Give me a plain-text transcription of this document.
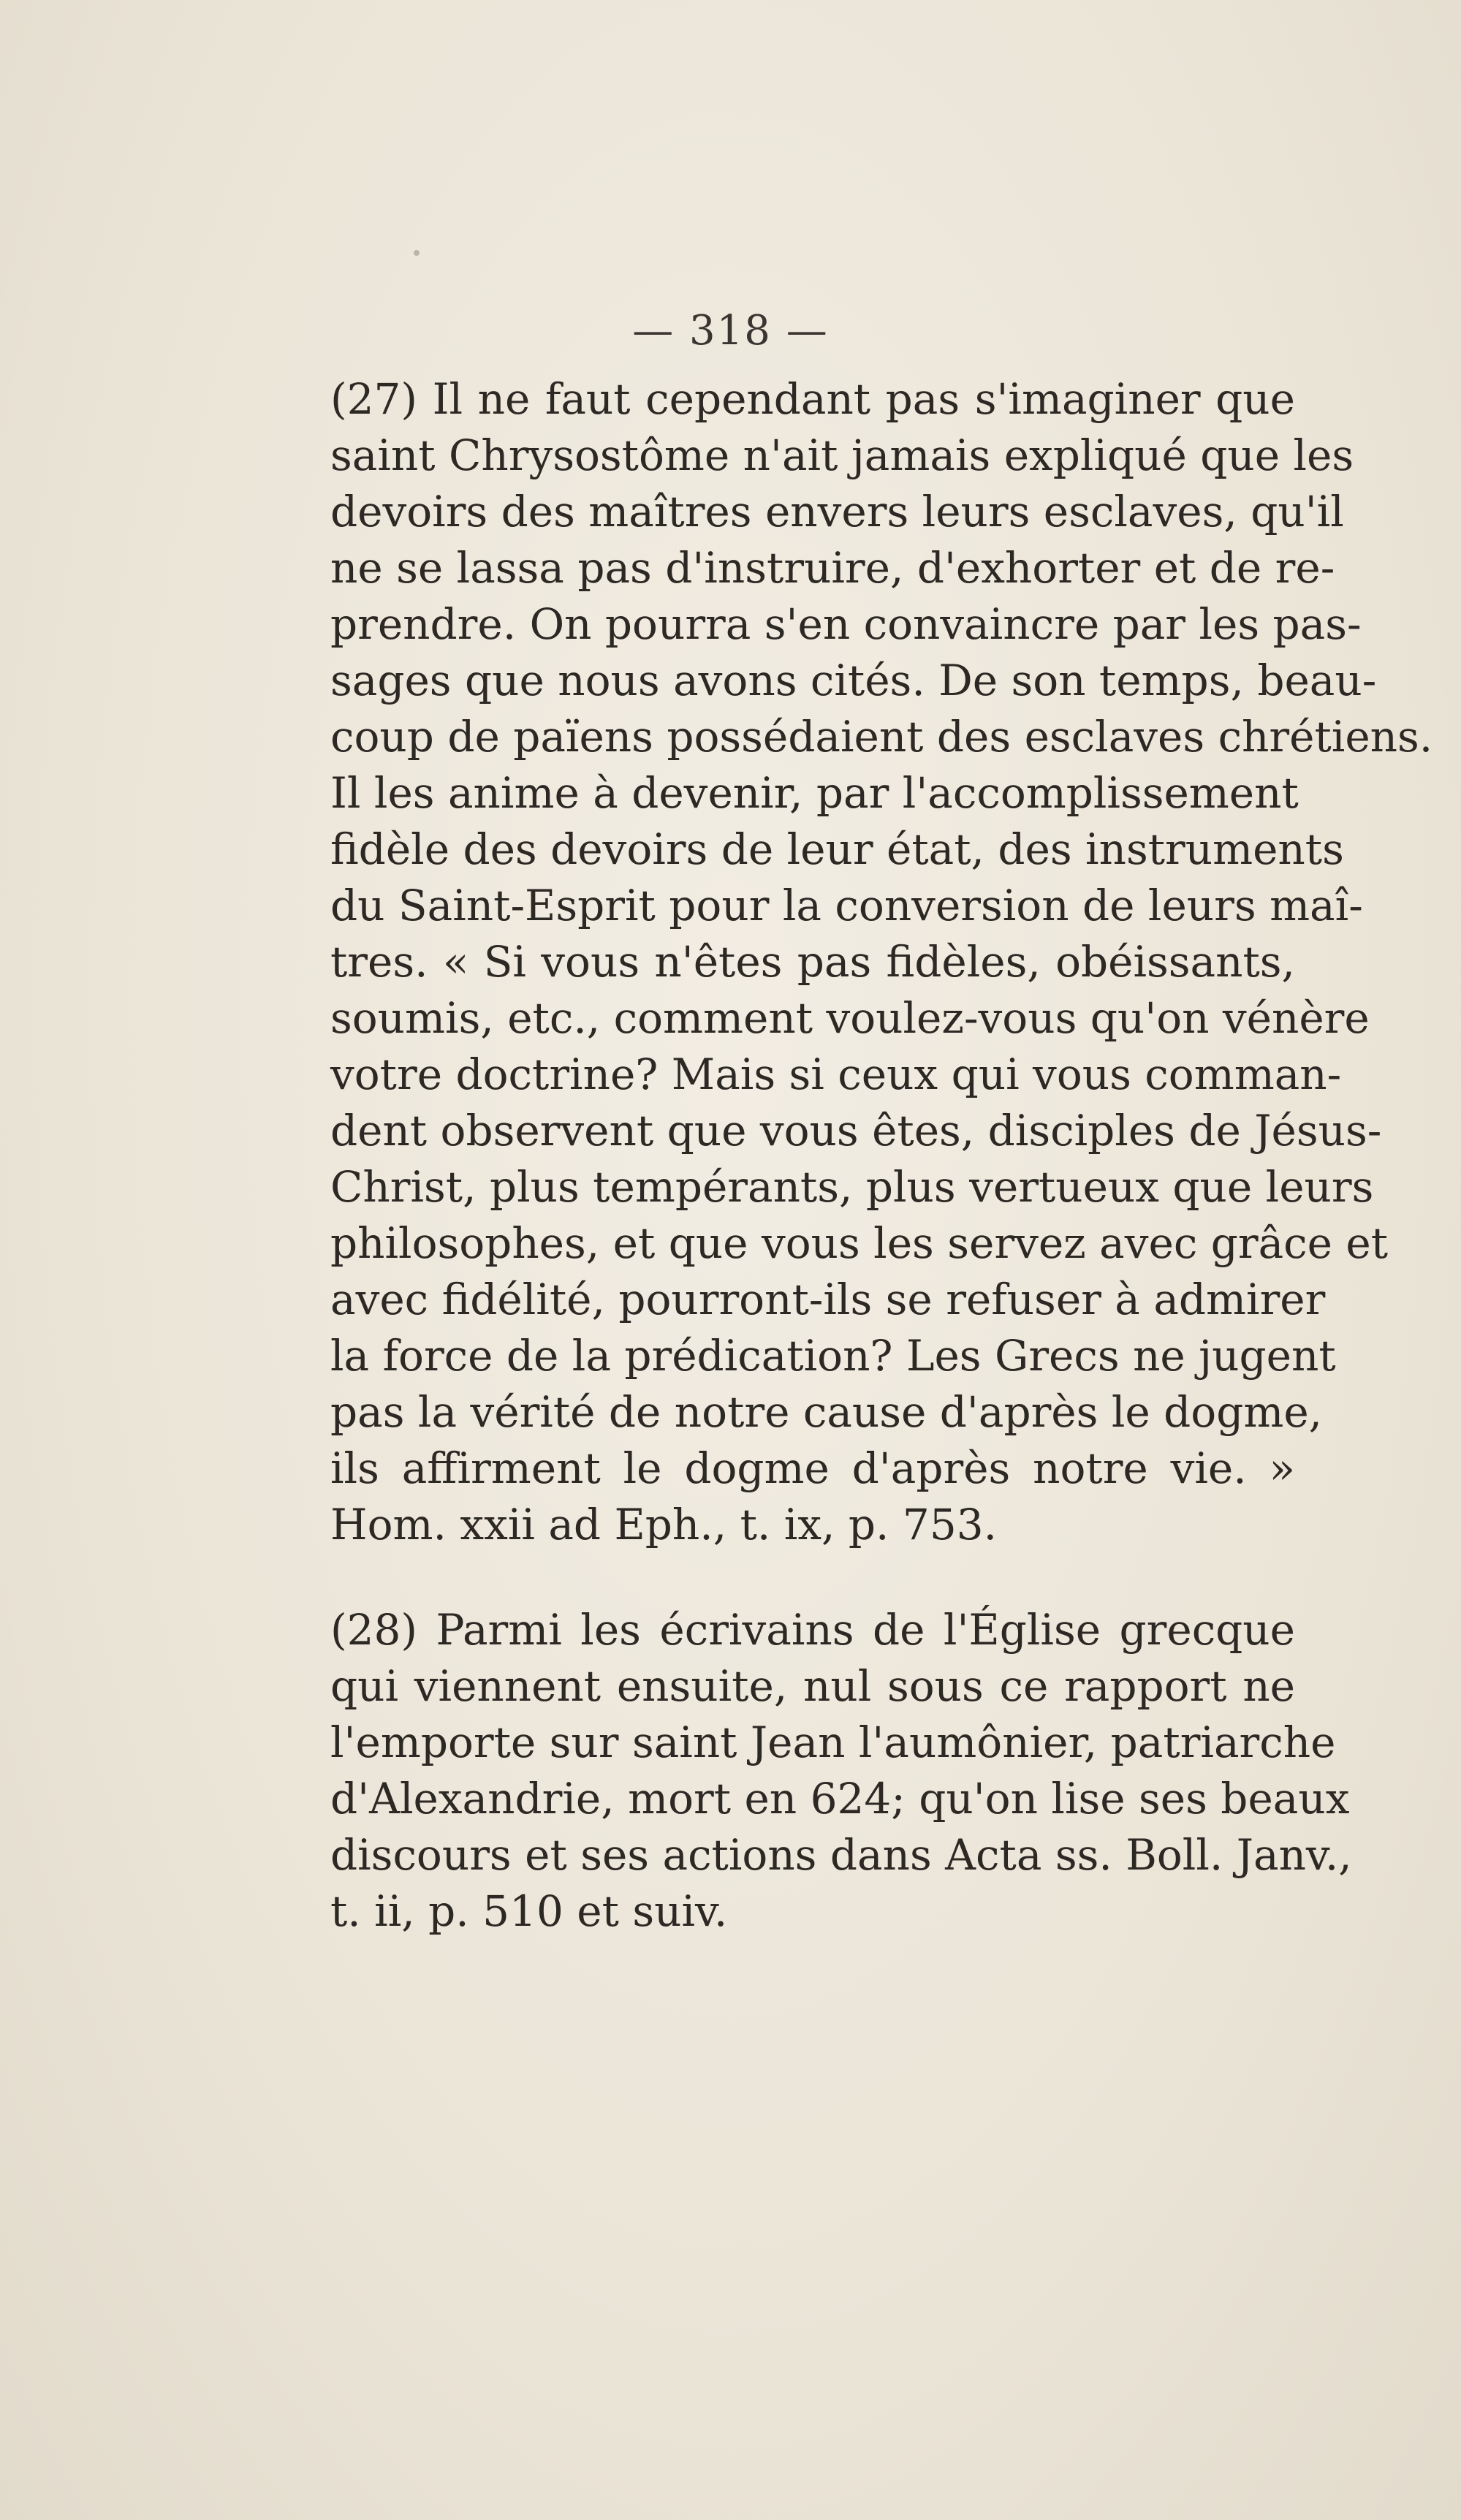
— 318 —
(27) Il ne faut cependant pas s'imaginer que
saint Chrysostôme n'ait jamais expliqué que les
devoirs des maîtres envers leurs esclaves, qu'il
ne se lassa pas d'instruire, d'exhorter et de re-
prendre. On pourra s'en convaincre par les pas-
sages que nous avons cités. De son temps, beau-
coup de païens possédaient des esclaves chrétiens.
Il les anime à devenir, par l'accomplissement
fidèle des devoirs de leur état, des instruments
du Saint-Esprit pour la conversion de leurs maî-
tres. « Si vous n'êtes pas fidèles, obéissants,
soumis, etc., comment voulez-vous qu'on vénère
votre doctrine? Mais si ceux qui vous comman-
dent observent que vous êtes, disciples de Jésus-
Christ, plus tempérants, plus vertueux que leurs
philosophes, et que vous les servez avec grâce et
avec fidélité, pourront-ils se refuser à admirer
la force de la prédication? Les Grecs ne jugent
pas la vérité de notre cause d'après le dogme,
ils affirment le dogme d'après notre vie. »
Hom. xxii ad Eph., t. ix, p. 753.
(28) Parmi les écrivains de l'Église grecque
qui viennent ensuite, nul sous ce rapport ne
l'emporte sur saint Jean l'aumônier, patriarche
d'Alexandrie, mort en 624; qu'on lise ses beaux
discours et ses actions dans Acta ss. Boll. Janv.,
t. ii, p. 510 et suiv.
